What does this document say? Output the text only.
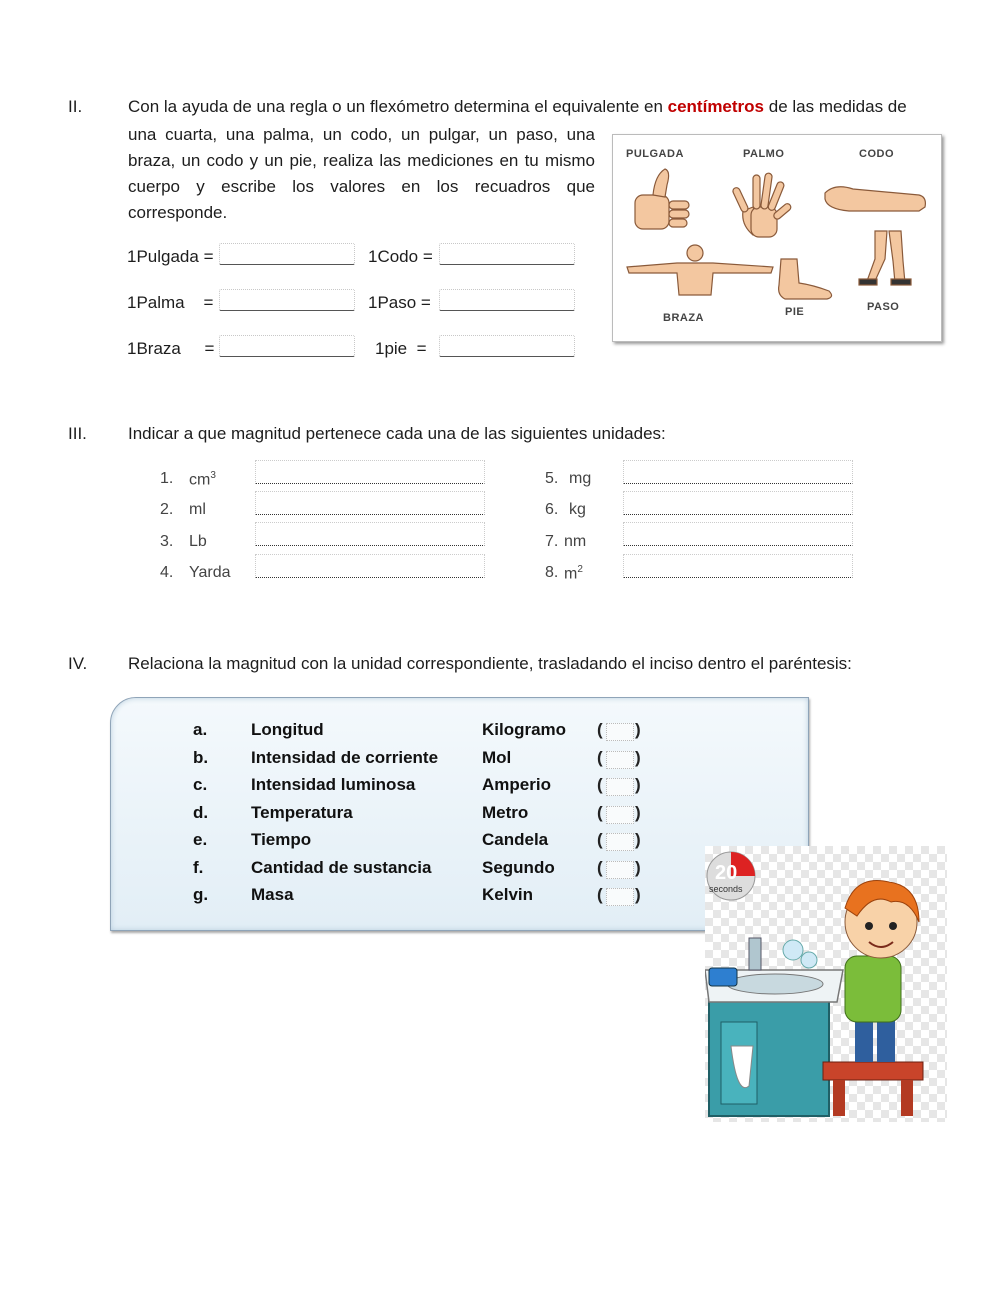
II.	Con la ayuda de una regla o un flexómetro determina el equivalente en centímetros de las medidas de
una cuarta, una palma, un codo, un pulgar, un paso, una braza, un codo y un pie, realiza las mediciones en tu mismo cuerpo y escribe los valores en los recuadros que corresponde.
1Pulgada =	1Codo =
1Palma    =	1Paso =
1Braza     =	1pie  =
PULGADA	PALMO	CODO
BRAZA	PIE	PASO
III. Indicar a que magnitud pertenece cada una de las siguientes unidades:
1. $cm^3$
2. ml
3. Lb
4. Yarda
5. mg
6. kg
7. nm
8. $m^2$
IV. Relaciona la magnitud con la unidad correspondiente, trasladando el inciso dentro el paréntesis:
a.	Longitud	Kilogramo ( )
b.	Intensidad de corriente	Mol	( )
c.	Intensidad luminosa	Amperio	( )
d.	Temperatura	Metro	( )
e.	Tiempo	Candela	( )
f.	Cantidad de sustancia	Segundo ( )
g.	Masa	Kelvin	( )
20
seconds
